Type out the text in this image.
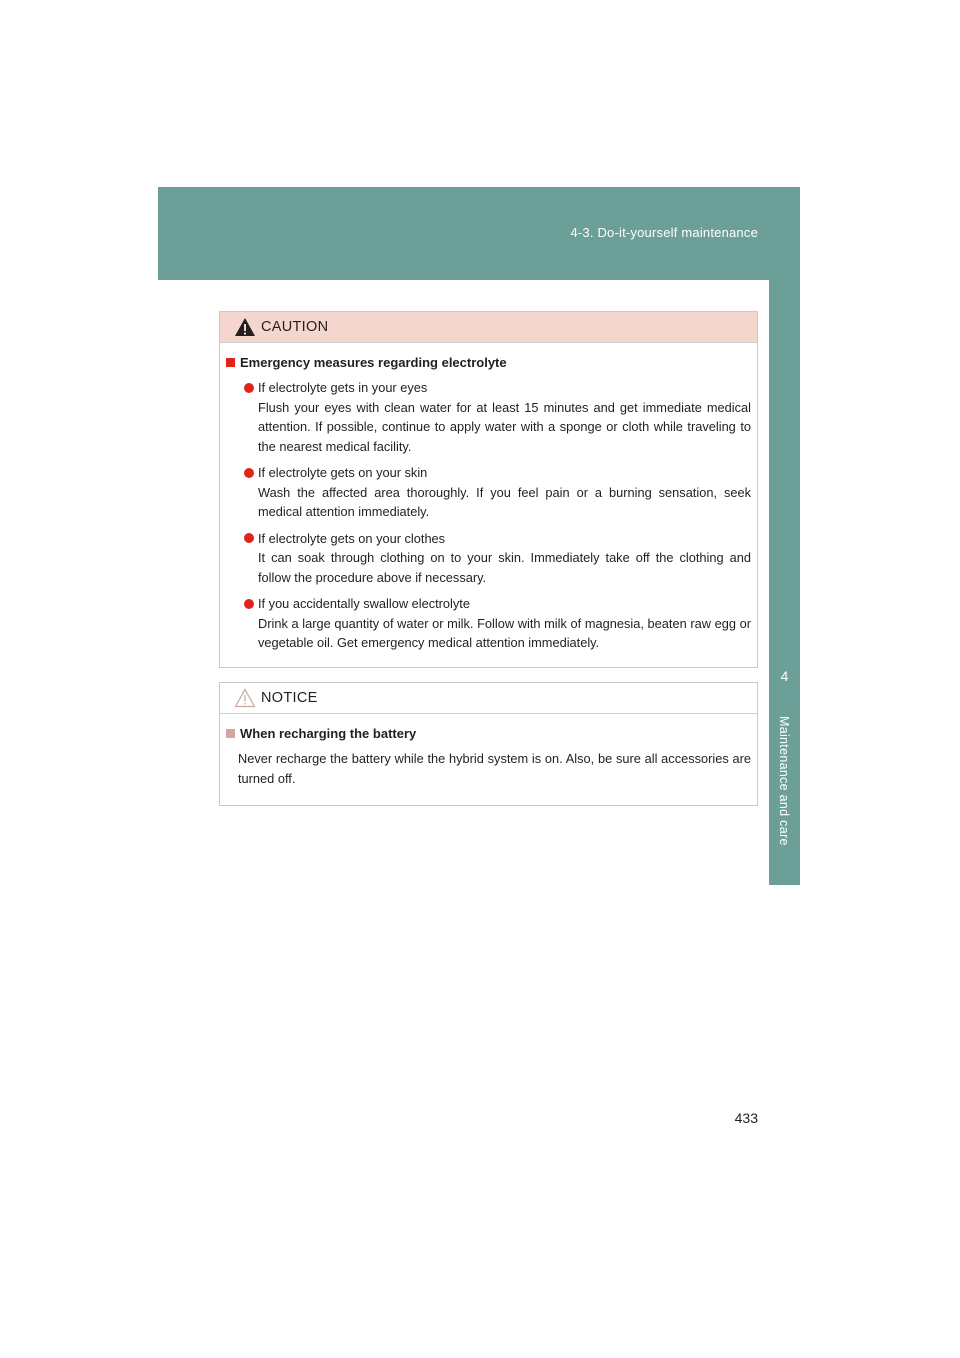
4-3. Do-it-yourself maintenance
4
Maintenance and care
CAUTION
Emergency measures regarding electrolyte
If electrolyte gets in your eyes
Flush your eyes with clean water for at least 15 minutes and get immediate medical attention. If possible, continue to apply water with a sponge or cloth while traveling to the nearest medical facility.
If electrolyte gets on your skin
Wash the affected area thoroughly. If you feel pain or a burning sensation, seek medical attention immediately.
If electrolyte gets on your clothes
It can soak through clothing on to your skin. Immediately take off the clothing and follow the procedure above if necessary.
If you accidentally swallow electrolyte
Drink a large quantity of water or milk. Follow with milk of magnesia, beaten raw egg or vegetable oil. Get emergency medical attention immediately.
NOTICE
When recharging the battery
Never recharge the battery while the hybrid system is on. Also, be sure all accessories are turned off.
433
